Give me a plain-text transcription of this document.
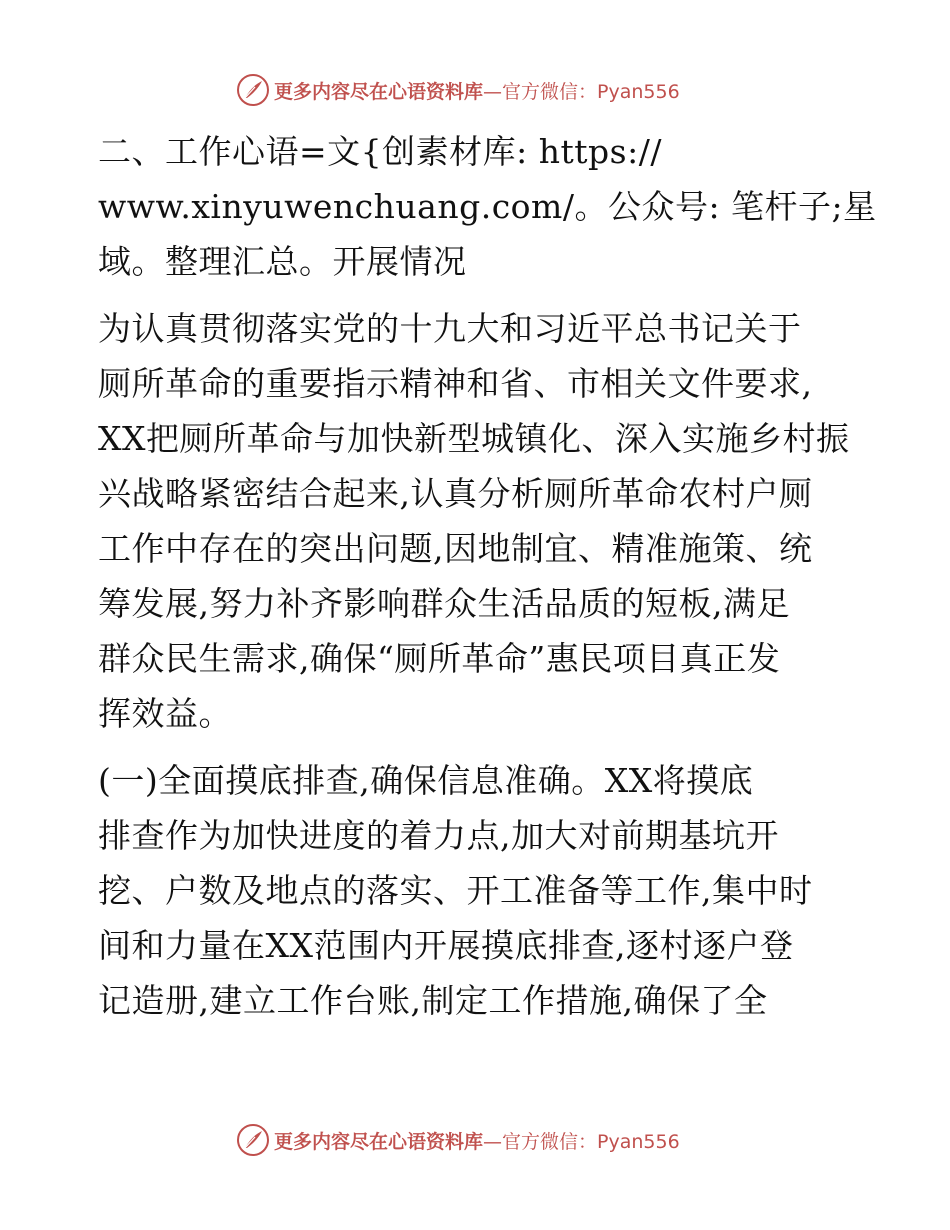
更多内容尽在心语资料库—官方微信：Pyan556
二、工作心语=文{创素材库: https://
www.xinyuwenchuang.com/。公众号: 笔杆子;星
域。整理汇总。开展情况
为认真贯彻落实党的十九大和习近平总书记关于
厕所革命的重要指示精神和省、市相关文件要求,
XX把厕所革命与加快新型城镇化、深入实施乡村振
兴战略紧密结合起来,认真分析厕所革命农村户厕
工作中存在的突出问题,因地制宜、精准施策、统
筹发展,努力补齐影响群众生活品质的短板,满足
群众民生需求,确保“厕所革命”惠民项目真正发
挥效益。
(一)全面摸底排查,确保信息准确。XX将摸底
排查作为加快进度的着力点,加大对前期基坑开
挖、户数及地点的落实、开工准备等工作,集中时
间和力量在XX范围内开展摸底排查,逐村逐户登
记造册,建立工作台账,制定工作措施,确保了全
更多内容尽在心语资料库—官方微信：Pyan556
